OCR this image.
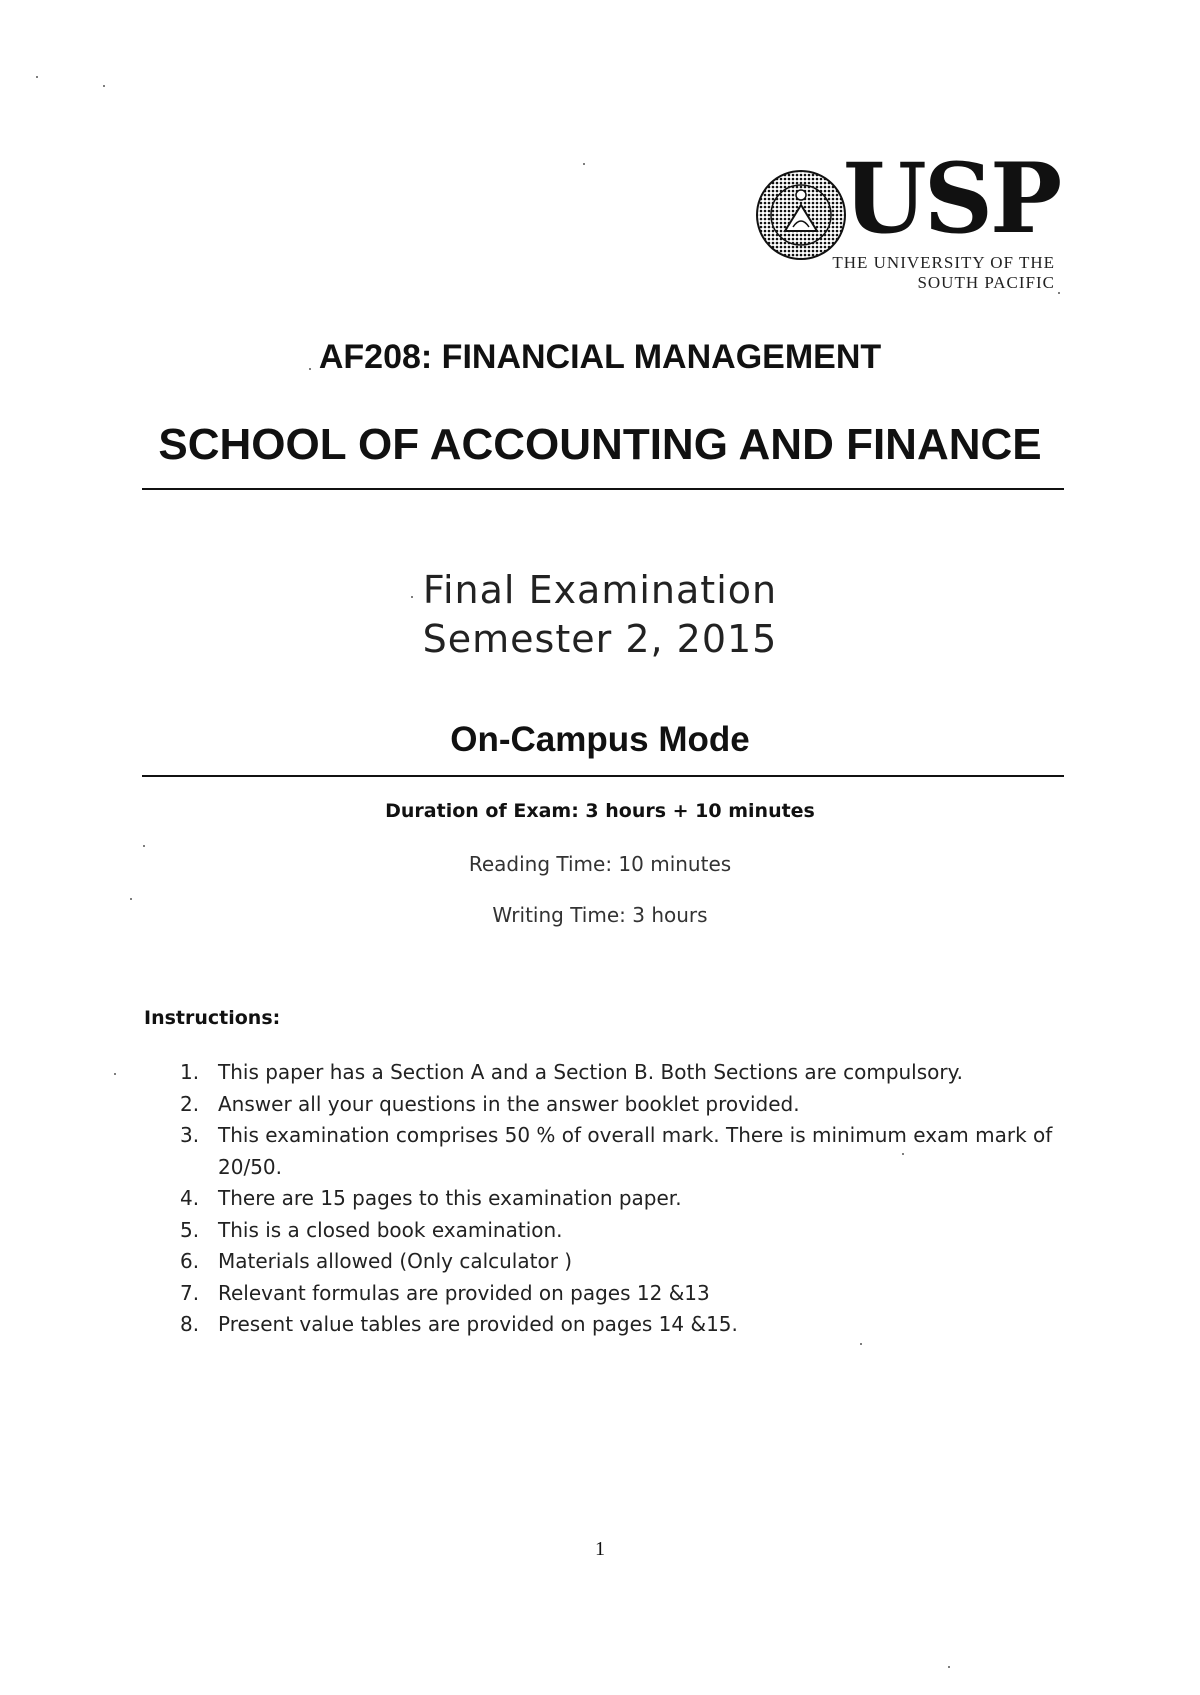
USP
THE UNIVERSITY OF THE
SOUTH PACIFIC
AF208: FINANCIAL MANAGEMENT
SCHOOL OF ACCOUNTING AND FINANCE
Final Examination
Semester 2, 2015
On-Campus Mode
Duration of Exam: 3 hours + 10 minutes
Reading Time: 10 minutes
Writing Time: 3 hours
Instructions:
1. This paper has a Section A and a Section B. Both Sections are compulsory.
2. Answer all your questions in the answer booklet provided.
3. This examination comprises 50 % of overall mark. There is minimum exam mark of 20/50.
4. There are 15 pages to this examination paper.
5. This is a closed book examination.
6. Materials allowed (Only calculator )
7. Relevant formulas are provided on pages 12 &13
8. Present value tables are provided on pages 14 &15.
1
